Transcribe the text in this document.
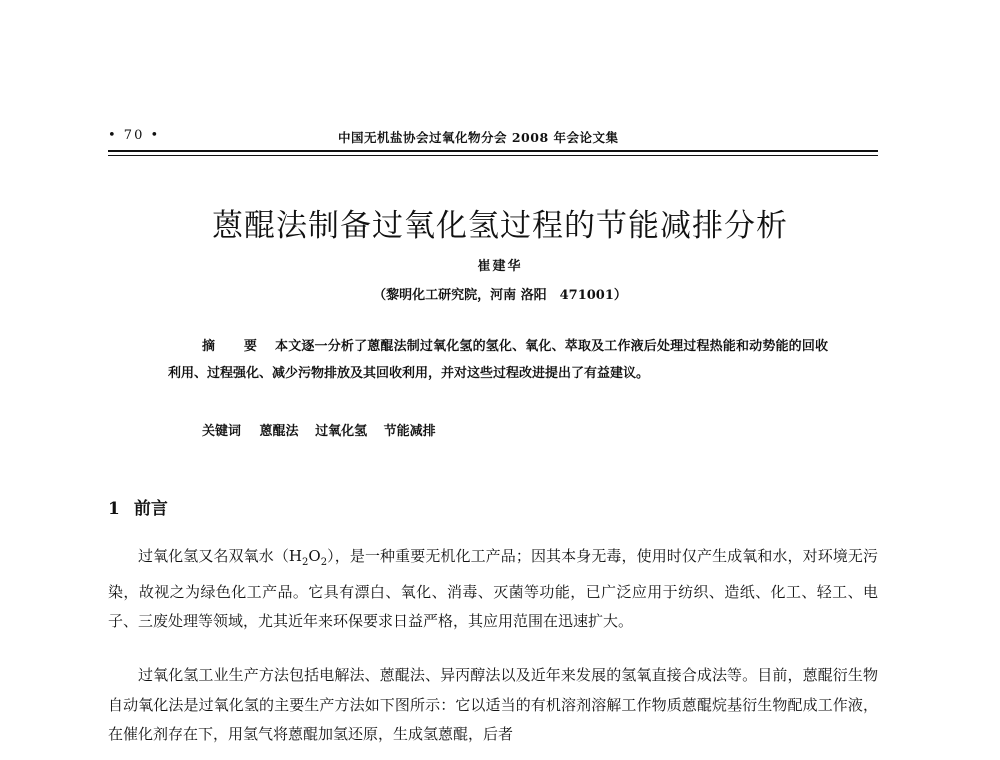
• 70 •	中国无机盐协会过氧化物分会 2008 年会论文集
蒽醌法制备过氧化氢过程的节能减排分析
崔建华
（黎明化工研究院，河南 洛阳　471001）
摘 要 本文逐一分析了蒽醌法制过氧化氢的氢化、氧化、萃取及工作液后处理过程热能和动势能的回收利用、过程强化、减少污物排放及其回收利用，并对这些过程改进提出了有益建议。
关键词 蒽醌法 过氧化氢 节能减排
1 前言
过氧化氢又名双氧水$(H_2O_2)$，是一种重要无机化工产品；因其本身无毒，使用时仅产生成氧和水，对环境无污染，故视之为绿色化工产品。它具有漂白、氧化、消毒、灭菌等功能，已广泛应用于纺织、造纸、化工、轻工、电子、三废处理等领域，尤其近年来环保要求日益严格，其应用范围在迅速扩大。
过氧化氢工业生产方法包括电解法、蒽醌法、异丙醇法以及近年来发展的氢氧直接合成法等。目前，蒽醌衍生物自动氧化法是过氧化氢的主要生产方法如下图所示：它以适当的有机溶剂溶解工作物质蒽醌烷基衍生物配成工作液，在催化剂存在下，用氢气将蒽醌加氢还原，生成氢蒽醌，后者
